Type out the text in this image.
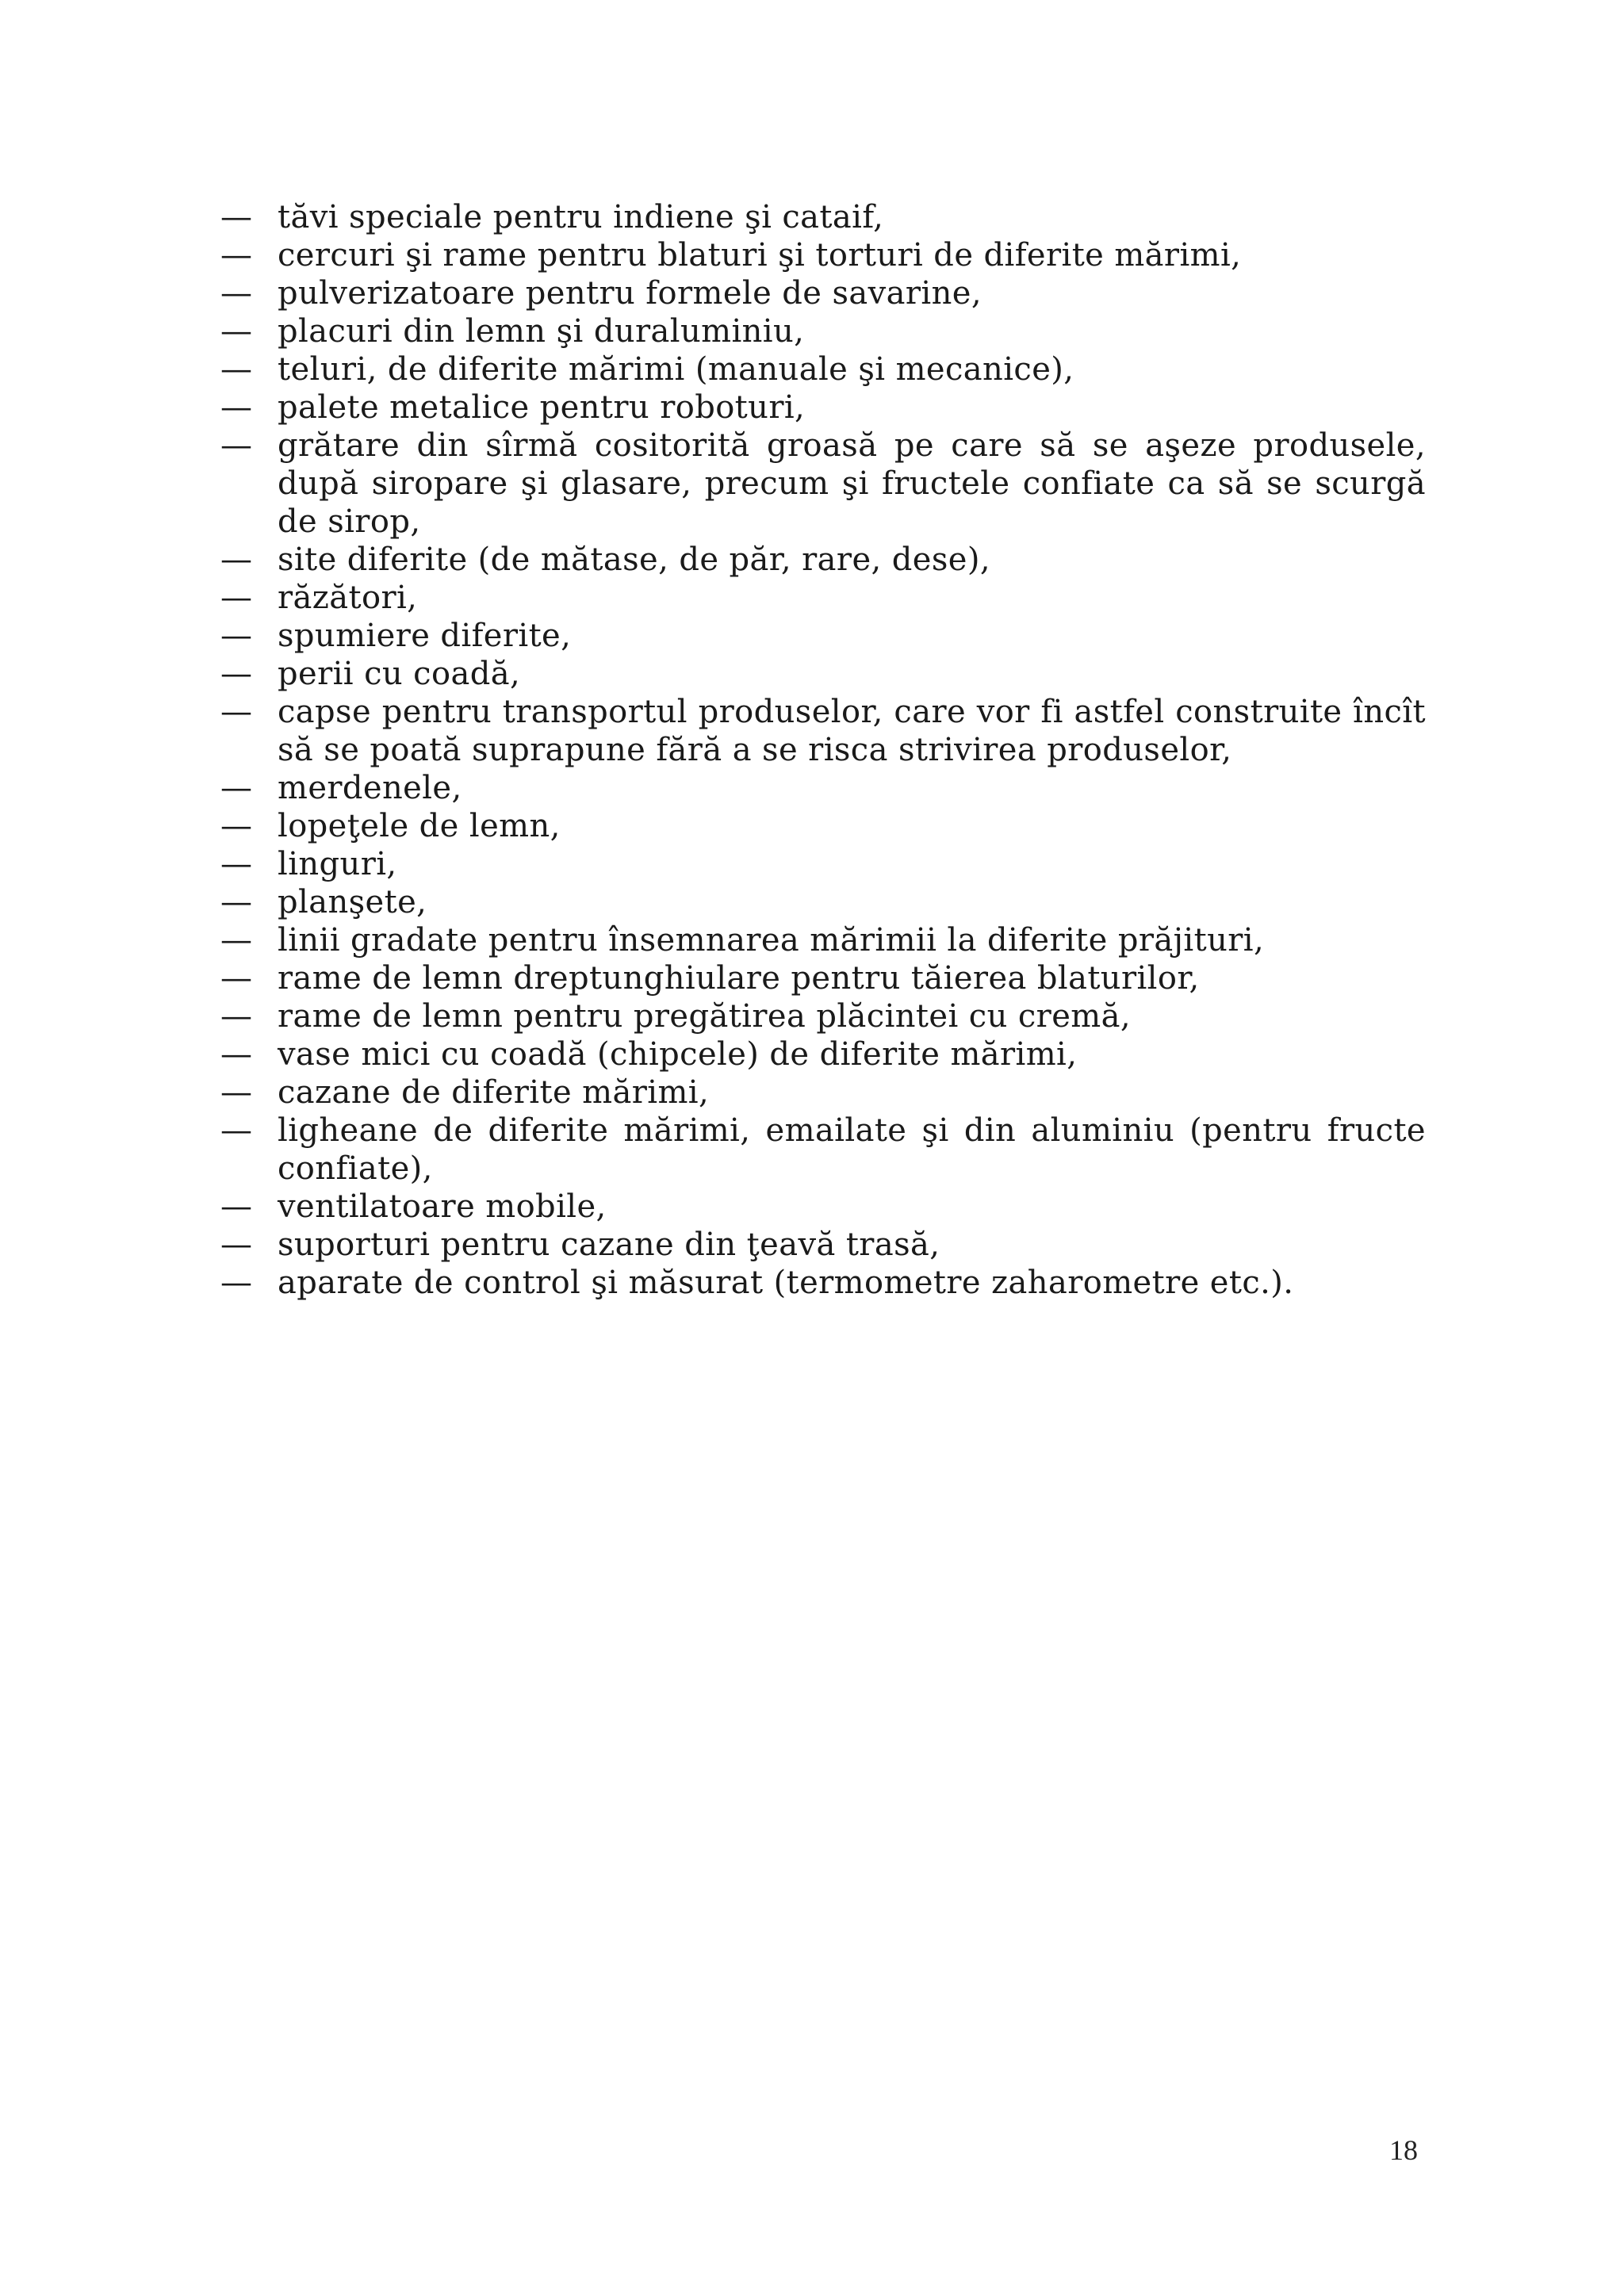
— tăvi speciale pentru indiene şi cataif,
— cercuri şi rame pentru blaturi şi torturi de diferite mărimi,
— pulverizatoare pentru formele de savarine,
— placuri din lemn şi duraluminiu,
— teluri, de diferite mărimi (manuale şi mecanice),
— palete metalice pentru roboturi,
— grătare din sîrmă cositorită groasă pe care să se aşeze produsele, după siropare şi glasare, precum şi fructele confiate ca să se scurgă de sirop,
— site diferite (de mătase, de păr, rare, dese),
— răzători,
— spumiere diferite,
— perii cu coadă,
— capse pentru transportul produselor, care vor fi astfel construite încît să se poată suprapune fără a se risca strivirea produselor,
— merdenele,
— lopeţele de lemn,
— linguri,
— planşete,
— linii gradate pentru însemnarea mărimii la diferite prăjituri,
— rame de lemn dreptunghiulare pentru tăierea blaturilor,
— rame de lemn pentru pregătirea plăcintei cu cremă,
— vase mici cu coadă (chipcele) de diferite mărimi,
— cazane de diferite mărimi,
— ligheane de diferite mărimi, emailate şi din aluminiu (pentru fructe confiate),
— ventilatoare mobile,
— suporturi pentru cazane din ţeavă trasă,
— aparate de control şi măsurat (termometre zaharometre etc.).
18
